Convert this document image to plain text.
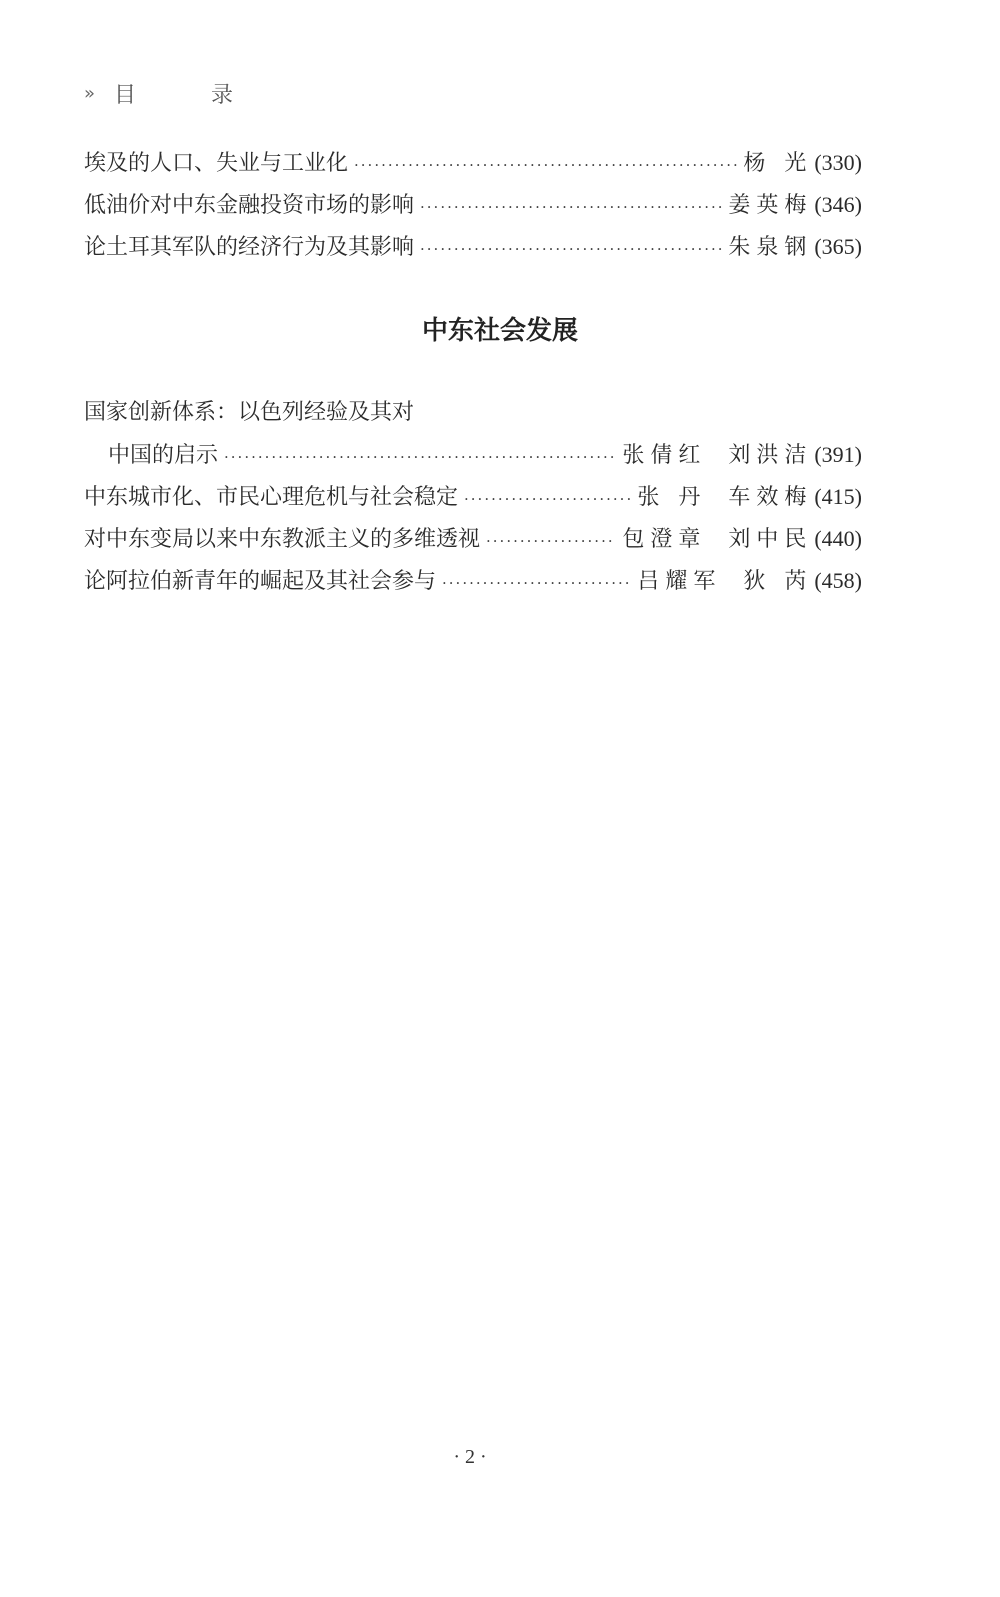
» 目 录
埃及的人口、失业与工业化 ·····	杨 光 (330)
低油价对中东金融投资市场的影响 ·····	姜英梅 (346)
论土耳其军队的经济行为及其影响 ·····	朱泉钢 (365)
中东社会发展
国家创新体系：以色列经验及其对
中国的启示 ·····	张倩红 刘洪洁 (391)
中东城市化、市民心理危机与社会稳定 ·····	张 丹 车效梅 (415)
对中东变局以来中东教派主义的多维透视 ·····	包澄章 刘中民 (440)
论阿拉伯新青年的崛起及其社会参与 ·····	吕耀军 狄 芮 (458)
· 2 ·
